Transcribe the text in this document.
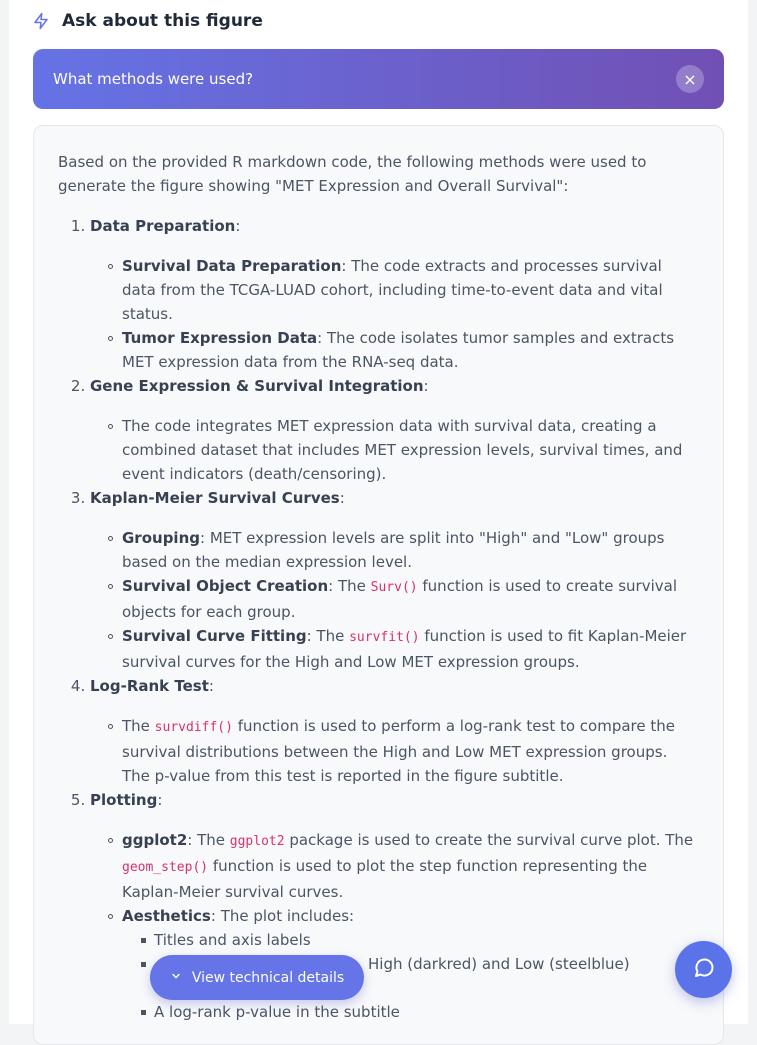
Ask about this figure
What methods were used?	×

Based on the provided R markdown code, the following methods were used to generate the figure showing "MET Expression and Overall Survival":

1. Data Preparation:
Survival Data Preparation: The code extracts and processes survival data from the TCGA-LUAD cohort, including time-to-event data and vital status.
Tumor Expression Data: The code isolates tumor samples and extracts MET expression data from the RNA-seq data.
2. Gene Expression & Survival Integration:
The code integrates MET expression data with survival data, creating a combined dataset that includes MET expression levels, survival times, and event indicators (death/censoring).
3. Kaplan-Meier Survival Curves:
Grouping: MET expression levels are split into "High" and "Low" groups based on the median expression level.
Survival Object Creation: The Surv() function is used to create survival objects for each group.
Survival Curve Fitting: The survfit() function is used to fit Kaplan-Meier survival curves for the High and Low MET expression groups.
4. Log-Rank Test:
The survdiff() function is used to perform a log-rank test to compare the survival distributions between the High and Low MET expression groups. The p-value from this test is reported in the figure subtitle.
5. Plotting:
ggplot2: The ggplot2 package is used to create the survival curve plot. The geom_step() function is used to plot the step function representing the Kaplan-Meier survival curves.
Aesthetics: The plot includes:
Titles and axis labels
High (darkred) and Low (steelblue)
A log-rank p-value in the subtitle
View technical details
